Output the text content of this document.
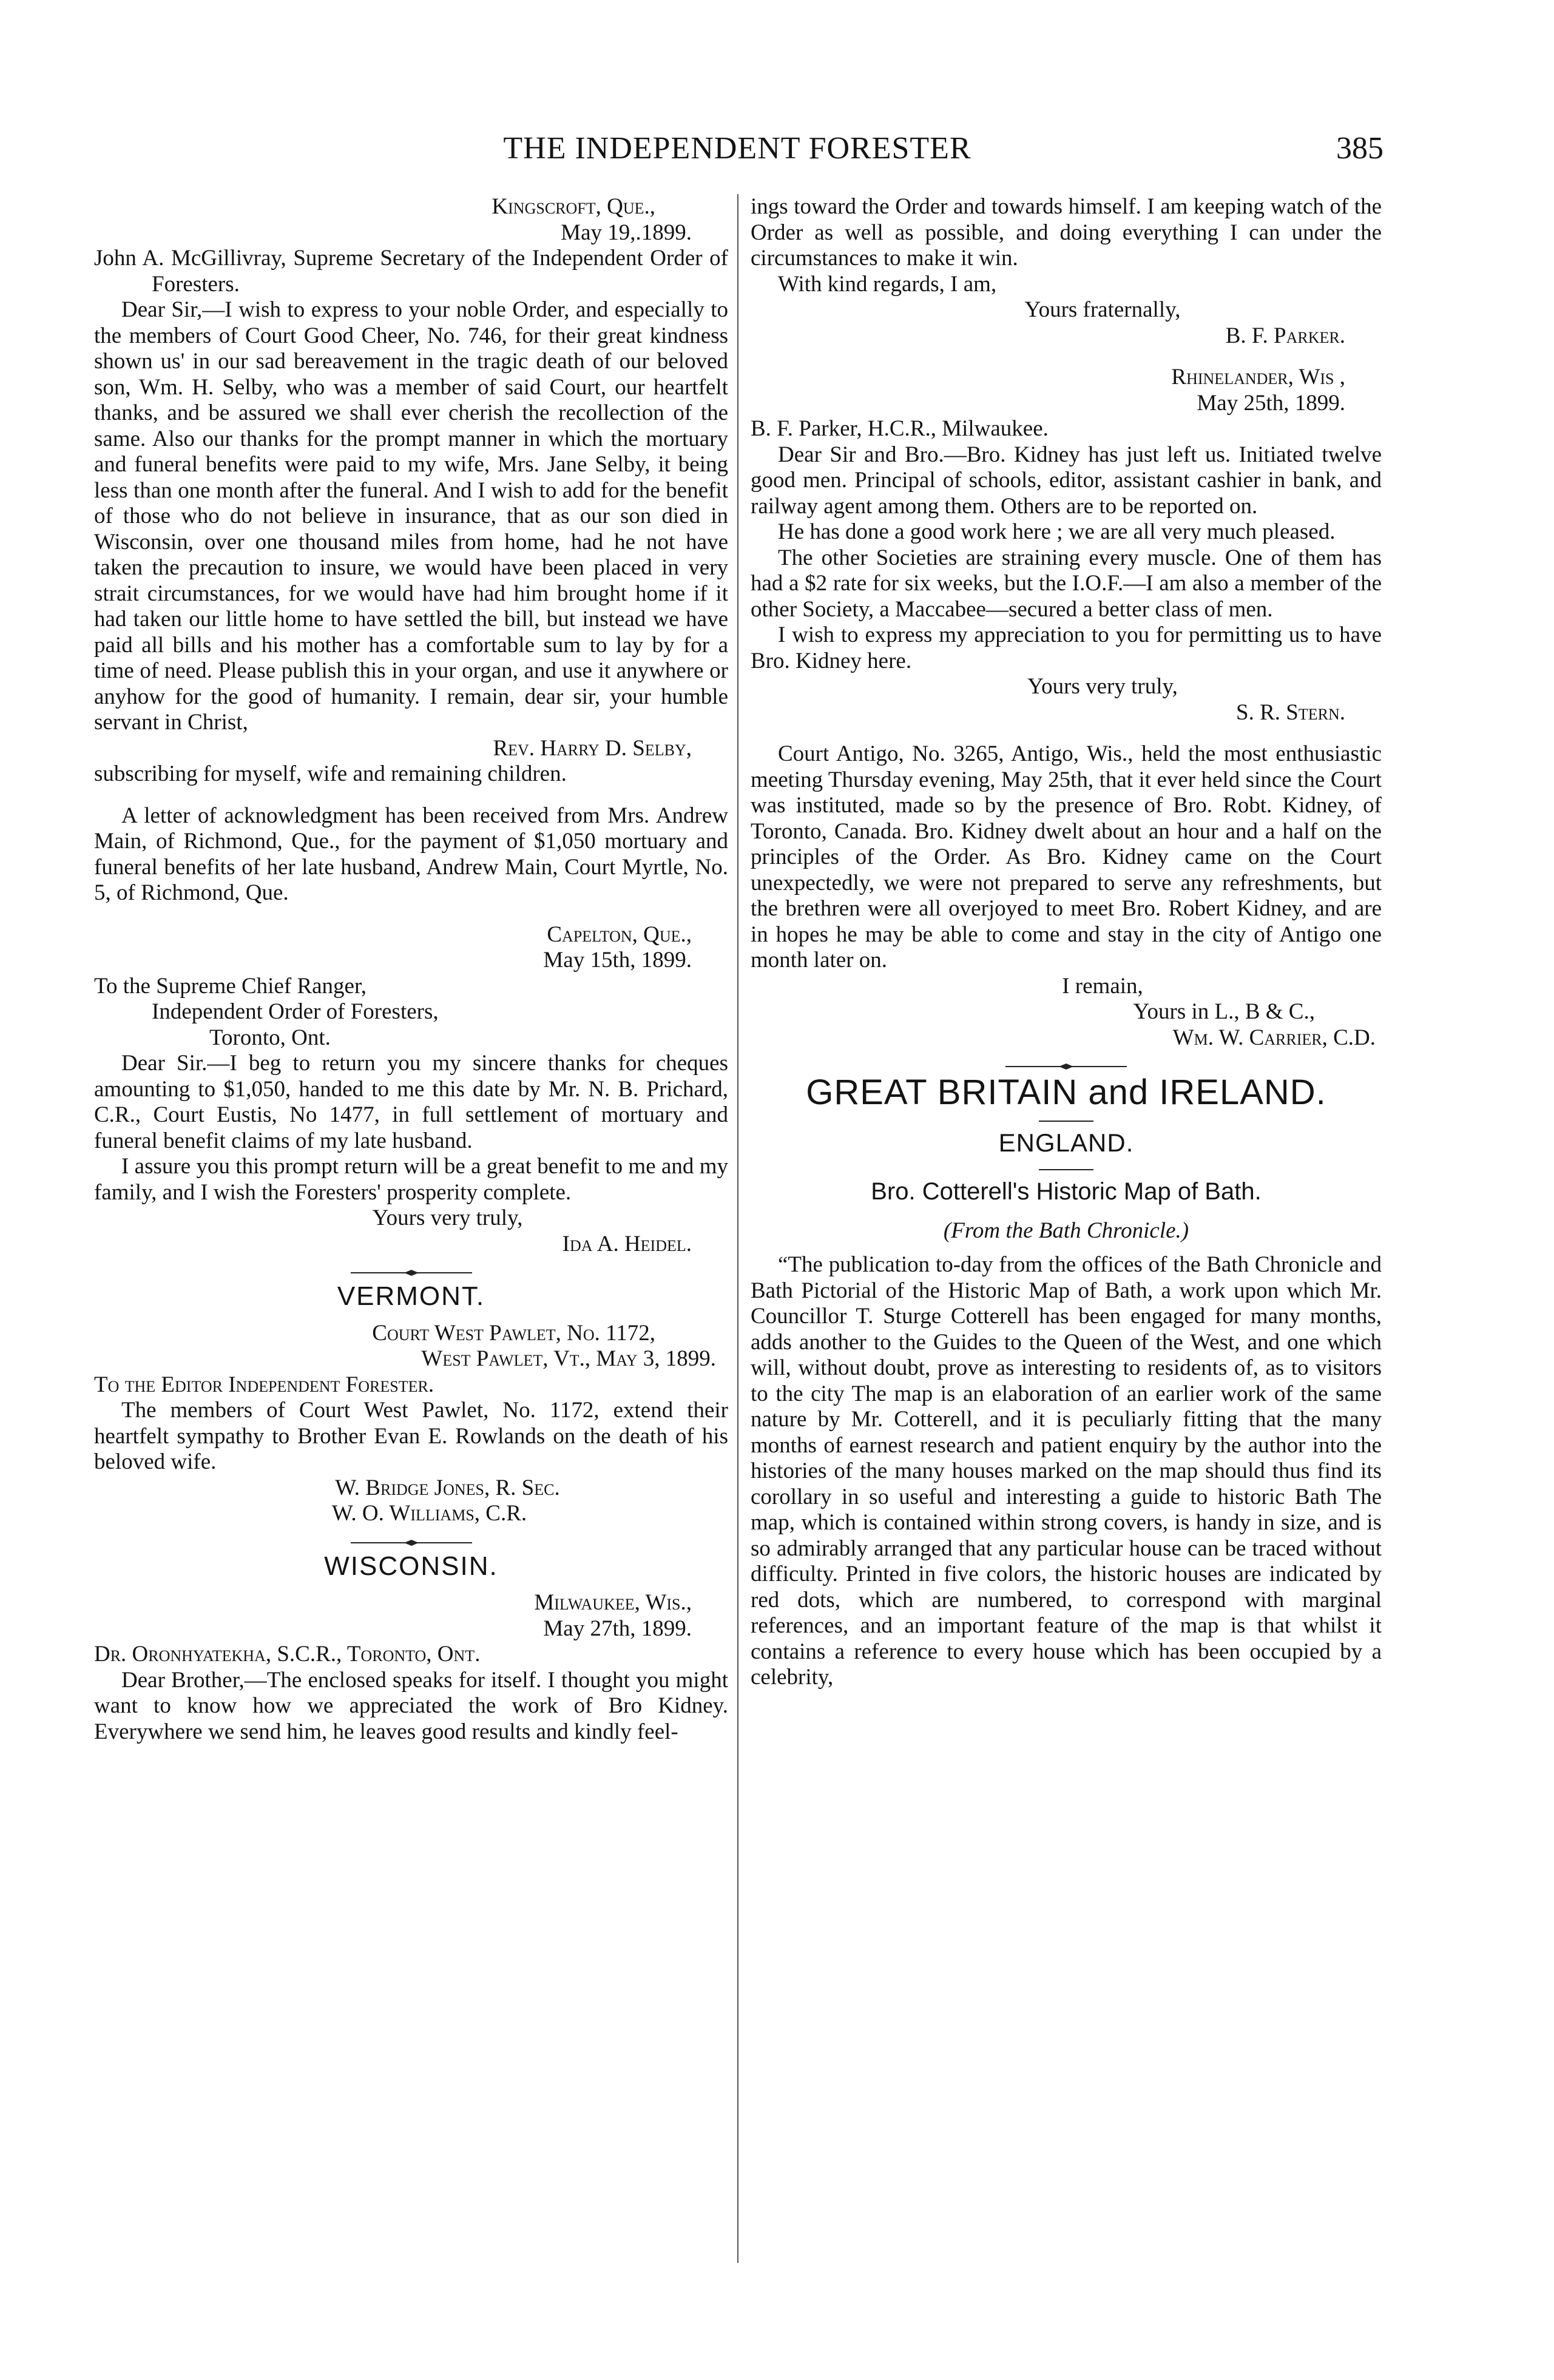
THE INDEPENDENT FORESTER	385

Kingscroft, Que.,

May 19,.1899.

John A. McGillivray, Supreme Secretary of the Independent Order of Foresters.

Dear Sir,—I wish to express to your noble Order, and especially to the members of Court Good Cheer, No. 746, for their great kindness shown us' in our sad bereavement in the tragic death of our beloved son, Wm. H. Selby, who was a member of said Court, our heartfelt thanks, and be assured we shall ever cherish the recollection of the same. Also our thanks for the prompt manner in which the mortuary and funeral benefits were paid to my wife, Mrs. Jane Selby, it being less than one month after the funeral. And I wish to add for the benefit of those who do not believe in insurance, that as our son died in Wisconsin, over one thousand miles from home, had he not have taken the precaution to insure, we would have been placed in very strait circumstances, for we would have had him brought home if it had taken our little home to have settled the bill, but instead we have paid all bills and his mother has a comfortable sum to lay by for a time of need. Please publish this in your organ, and use it anywhere or anyhow for the good of humanity. I remain, dear sir, your humble servant in Christ,

Rev. Harry D. Selby,

subscribing for myself, wife and remaining children.

A letter of acknowledgment has been received from Mrs. Andrew Main, of Richmond, Que., for the payment of $1,050 mortuary and funeral benefits of her late husband, Andrew Main, Court Myrtle, No. 5, of Richmond, Que.

Capelton, Que.,

May 15th, 1899.

To the Supreme Chief Ranger,

Independent Order of Foresters,

Toronto, Ont.

Dear Sir.—I beg to return you my sincere thanks for cheques amounting to $1,050, handed to me this date by Mr. N. B. Prichard, C.R., Court Eustis, No 1477, in full settlement of mortuary and funeral benefit claims of my late husband.

I assure you this prompt return will be a great benefit to me and my family, and I wish the Foresters' prosperity complete.

Yours very truly,

Ida A. Heidel.

VERMONT.

Court West Pawlet, No. 1172,

West Pawlet, Vt., May 3, 1899.

To the Editor Independent Forester.

The members of Court West Pawlet, No. 1172, extend their heartfelt sympathy to Brother Evan E. Rowlands on the death of his beloved wife.

W. Bridge Jones, R. Sec.

W. O. Williams, C.R.

WISCONSIN.

Milwaukee, Wis.,

May 27th, 1899.

Dr. Oronhyatekha, S.C.R., Toronto, Ont.

Dear Brother,—The enclosed speaks for itself. I thought you might want to know how we appreciated the work of Bro Kidney. Everywhere we send him, he leaves good results and kindly feel-

ings toward the Order and towards himself. I am keeping watch of the Order as well as possible, and doing everything I can under the circumstances to make it win.

With kind regards, I am,

Yours fraternally,

B. F. Parker.

Rhinelander, Wis ,

May 25th, 1899.

B. F. Parker, H.C.R., Milwaukee.

Dear Sir and Bro.—Bro. Kidney has just left us. Initiated twelve good men. Principal of schools, editor, assistant cashier in bank, and railway agent among them. Others are to be reported on.

He has done a good work here ; we are all very much pleased.

The other Societies are straining every muscle. One of them has had a $2 rate for six weeks, but the I.O.F.—I am also a member of the other Society, a Maccabee—secured a better class of men.

I wish to express my appreciation to you for permitting us to have Bro. Kidney here.

Yours very truly,

S. R. Stern.

Court Antigo, No. 3265, Antigo, Wis., held the most enthusiastic meeting Thursday evening, May 25th, that it ever held since the Court was instituted, made so by the presence of Bro. Robt. Kidney, of Toronto, Canada. Bro. Kidney dwelt about an hour and a half on the principles of the Order. As Bro. Kidney came on the Court unexpectedly, we were not prepared to serve any refreshments, but the brethren were all overjoyed to meet Bro. Robert Kidney, and are in hopes he may be able to come and stay in the city of Antigo one month later on.

I remain,

Yours in L., B & C.,

Wm. W. Carrier, C.D.

GREAT BRITAIN and IRELAND.
ENGLAND.
Bro. Cotterell's Historic Map of Bath.

(From the Bath Chronicle.)

“The publication to-day from the offices of the Bath Chronicle and Bath Pictorial of the Historic Map of Bath, a work upon which Mr. Councillor T. Sturge Cotterell has been engaged for many months, adds another to the Guides to the Queen of the West, and one which will, without doubt, prove as interesting to residents of, as to visitors to the city The map is an elaboration of an earlier work of the same nature by Mr. Cotterell, and it is peculiarly fitting that the many months of earnest research and patient enquiry by the author into the histories of the many houses marked on the map should thus find its corollary in so useful and interesting a guide to historic Bath The map, which is contained within strong covers, is handy in size, and is so admirably arranged that any particular house can be traced without difficulty. Printed in five colors, the historic houses are indicated by red dots, which are numbered, to correspond with marginal references, and an important feature of the map is that whilst it contains a reference to every house which has been occupied by a celebrity,
